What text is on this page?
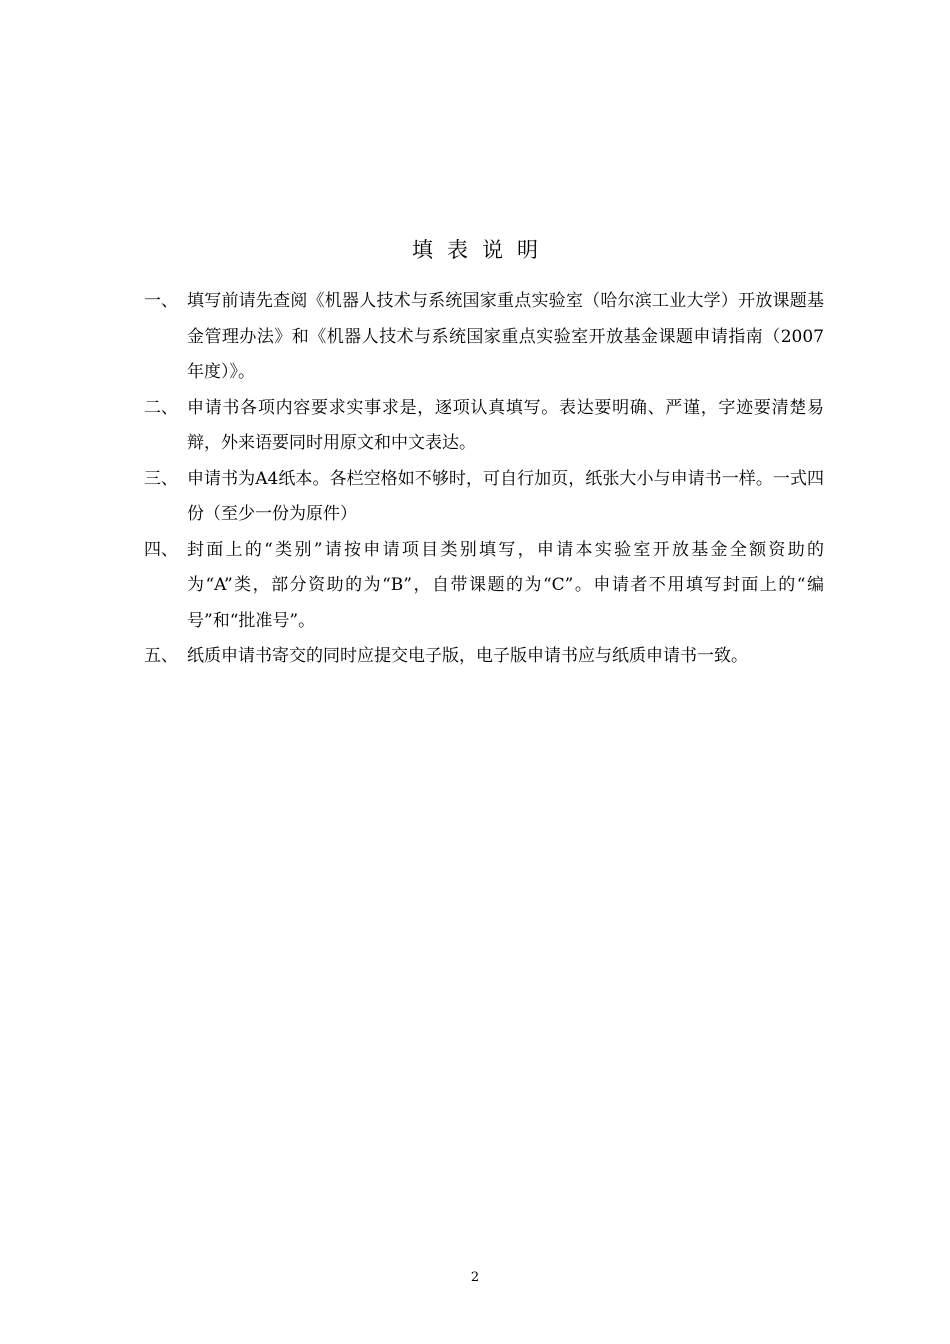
填表说明
一、 填写前请先查阅《机器人技术与系统国家重点实验室（哈尔滨工业大学）开放课题基金管理办法》和《机器人技术与系统国家重点实验室开放基金课题申请指南（2007年度）》。
二、 申请书各项内容要求实事求是，逐项认真填写。表达要明确、严谨，字迹要清楚易辩，外来语要同时用原文和中文表达。
三、 申请书为A4纸本。各栏空格如不够时，可自行加页，纸张大小与申请书一样。一式四份（至少一份为原件）
四、 封面上的“类别”请按申请项目类别填写，申请本实验室开放基金全额资助的为“A”类，部分资助的为“B”，自带课题的为“C”。申请者不用填写封面上的“编号”和“批准号”。
五、 纸质申请书寄交的同时应提交电子版，电子版申请书应与纸质申请书一致。
2
